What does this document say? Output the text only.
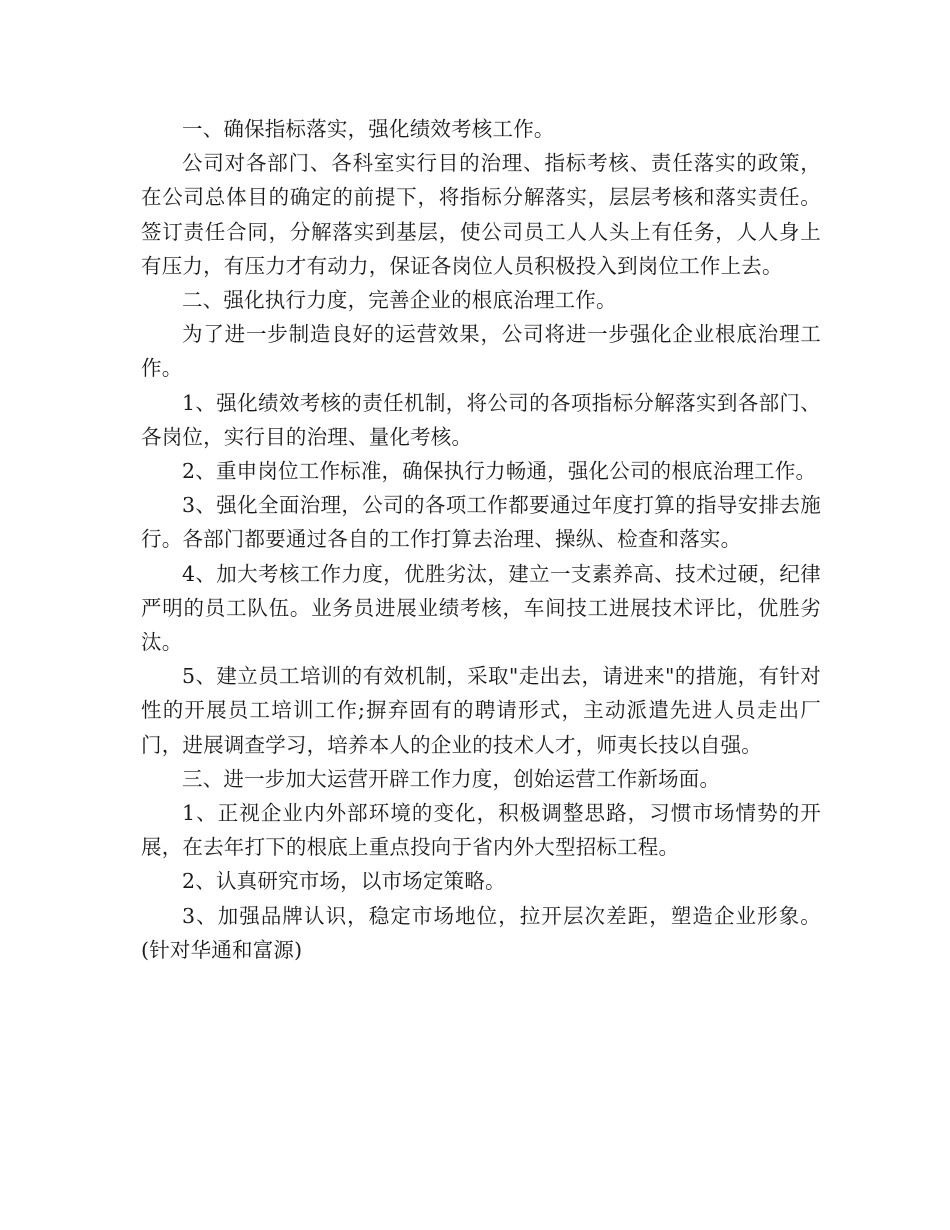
一、确保指标落实，强化绩效考核工作。

公司对各部门、各科室实行目的治理、指标考核、责任落实的政策，在公司总体目的确定的前提下，将指标分解落实，层层考核和落实责任。签订责任合同，分解落实到基层，使公司员工人人头上有任务，人人身上有压力，有压力才有动力，保证各岗位人员积极投入到岗位工作上去。

二、强化执行力度，完善企业的根底治理工作。

为了进一步制造良好的运营效果，公司将进一步强化企业根底治理工作。

1、强化绩效考核的责任机制，将公司的各项指标分解落实到各部门、各岗位，实行目的治理、量化考核。

2、重申岗位工作标准，确保执行力畅通，强化公司的根底治理工作。

3、强化全面治理，公司的各项工作都要通过年度打算的指导安排去施行。各部门都要通过各自的工作打算去治理、操纵、检查和落实。

4、加大考核工作力度，优胜劣汰，建立一支素养高、技术过硬，纪律严明的员工队伍。业务员进展业绩考核，车间技工进展技术评比，优胜劣汰。

5、建立员工培训的有效机制，采取"走出去，请进来"的措施，有针对性的开展员工培训工作;摒弃固有的聘请形式，主动派遣先进人员走出厂门，进展调查学习，培养本人的企业的技术人才，师夷长技以自强。

三、进一步加大运营开辟工作力度，创始运营工作新场面。

1、正视企业内外部环境的变化，积极调整思路，习惯市场情势的开展，在去年打下的根底上重点投向于省内外大型招标工程。

2、认真研究市场，以市场定策略。

3、加强品牌认识，稳定市场地位，拉开层次差距，塑造企业形象。(针对华通和富源)
